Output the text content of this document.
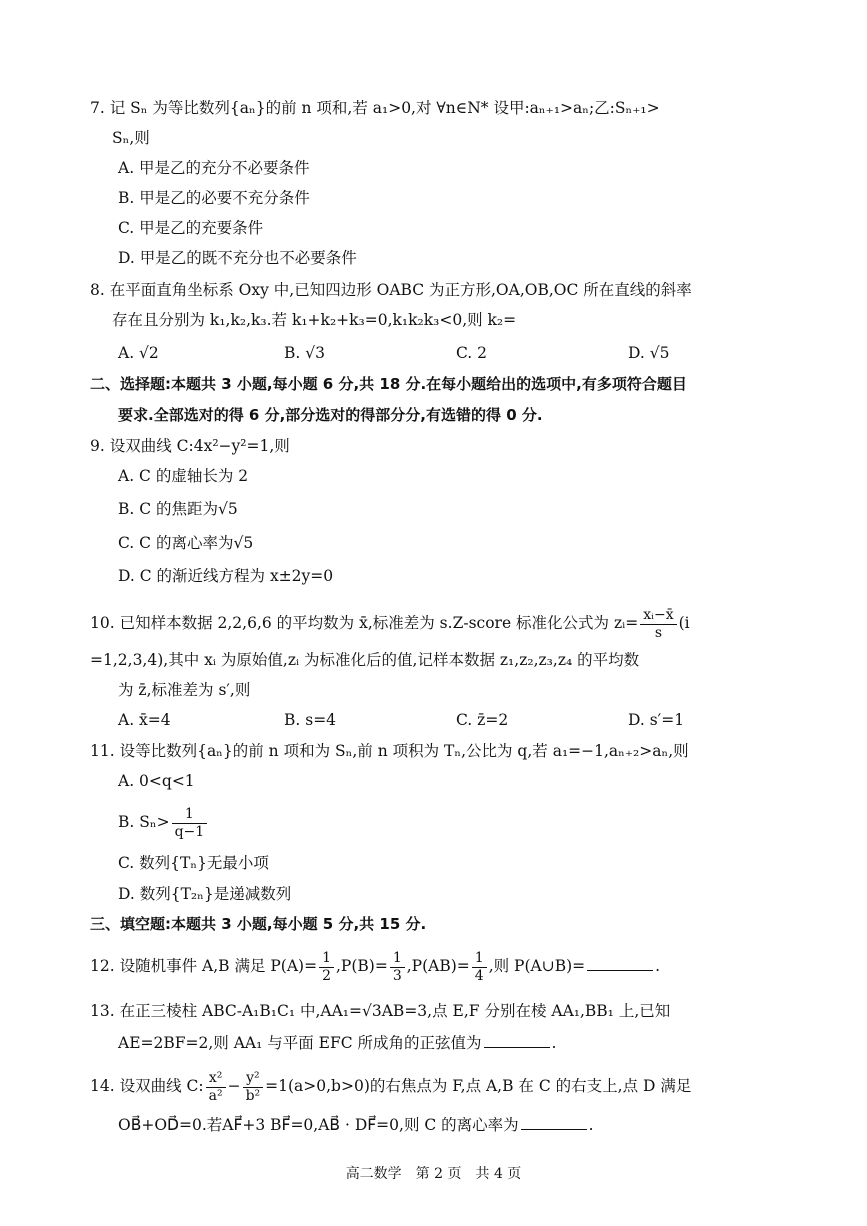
7. 记 Sₙ 为等比数列{aₙ}的前 n 项和,若 a₁>0,对 ∀n∈N* 设甲:aₙ₊₁>aₙ;乙:Sₙ₊₁>
Sₙ,则
A. 甲是乙的充分不必要条件
B. 甲是乙的必要不充分条件
C. 甲是乙的充要条件
D. 甲是乙的既不充分也不必要条件
8. 在平面直角坐标系 Oxy 中,已知四边形 OABC 为正方形,OA,OB,OC 所在直线的斜率
存在且分别为 k₁,k₂,k₃.若 k₁+k₂+k₃=0,k₁k₂k₃<0,则 k₂=
A. √2	B. √3	C. 2	D. √5
二、选择题:本题共 3 小题,每小题 6 分,共 18 分.在每小题给出的选项中,有多项符合题目
要求.全部选对的得 6 分,部分选对的得部分分,有选错的得 0 分.
9. 设双曲线 C:4x²−y²=1,则
A. C 的虚轴长为 2
B. C 的焦距为√5
C. C 的离心率为√5
D. C 的渐近线方程为 x±2y=0
10. 已知样本数据 2,2,6,6 的平均数为 x̄,标准差为 s.Z-score 标准化公式为 zᵢ= $\frac{\text{xᵢ−x̄}}{s} (i$
=1,2,3,4),其中 xᵢ 为原始值,zᵢ 为标准化后的值,记样本数据 z₁,z₂,z₃,z₄ 的平均数
为 z̄,标准差为 s′,则
A. x̄=4	B. s=4	C. z̄=2	D. s′=1
11. 设等比数列{aₙ}的前 n 项和为 Sₙ,前 n 项积为 Tₙ,公比为 q,若 a₁=−1,aₙ₊₂>aₙ,则
A. 0<q<1
B. $S_n> \frac{1}{q-1}$
C. 数列{Tₙ}无最小项
D. 数列{T₂ₙ}是递减数列
三、填空题:本题共 3 小题,每小题 5 分,共 15 分.
12. 设随机事件 A,B 满足 $P(A)= \frac{1}{2} ,P(B)= \frac{1}{3} ,P(AB)= \frac{1}{4}$ ,则 P(A∪B)=	.
13. 在正三棱柱 ABC-A₁B₁C₁ 中,AA₁=√3AB=3,点 E,F 分别在棱 AA₁,BB₁ 上,已知
AE=2BF=2,则 AA₁ 与平面 EFC 所成角的正弦值为	.
14. 设双曲线 C: $\frac{\text{x²}}{\text{a²}} - \frac{\text{y²}}{\text{b²}} =1(a>0,b>0)$的右焦点为 F,点 A,B 在 C 的右支上,点 D 满足
OB⃗+OD⃗=0.若AF⃗+3 BF⃗=0,AB⃗ · DF⃗=0,则 C 的离心率为	.
高二数学　第 2 页　共 4 页
